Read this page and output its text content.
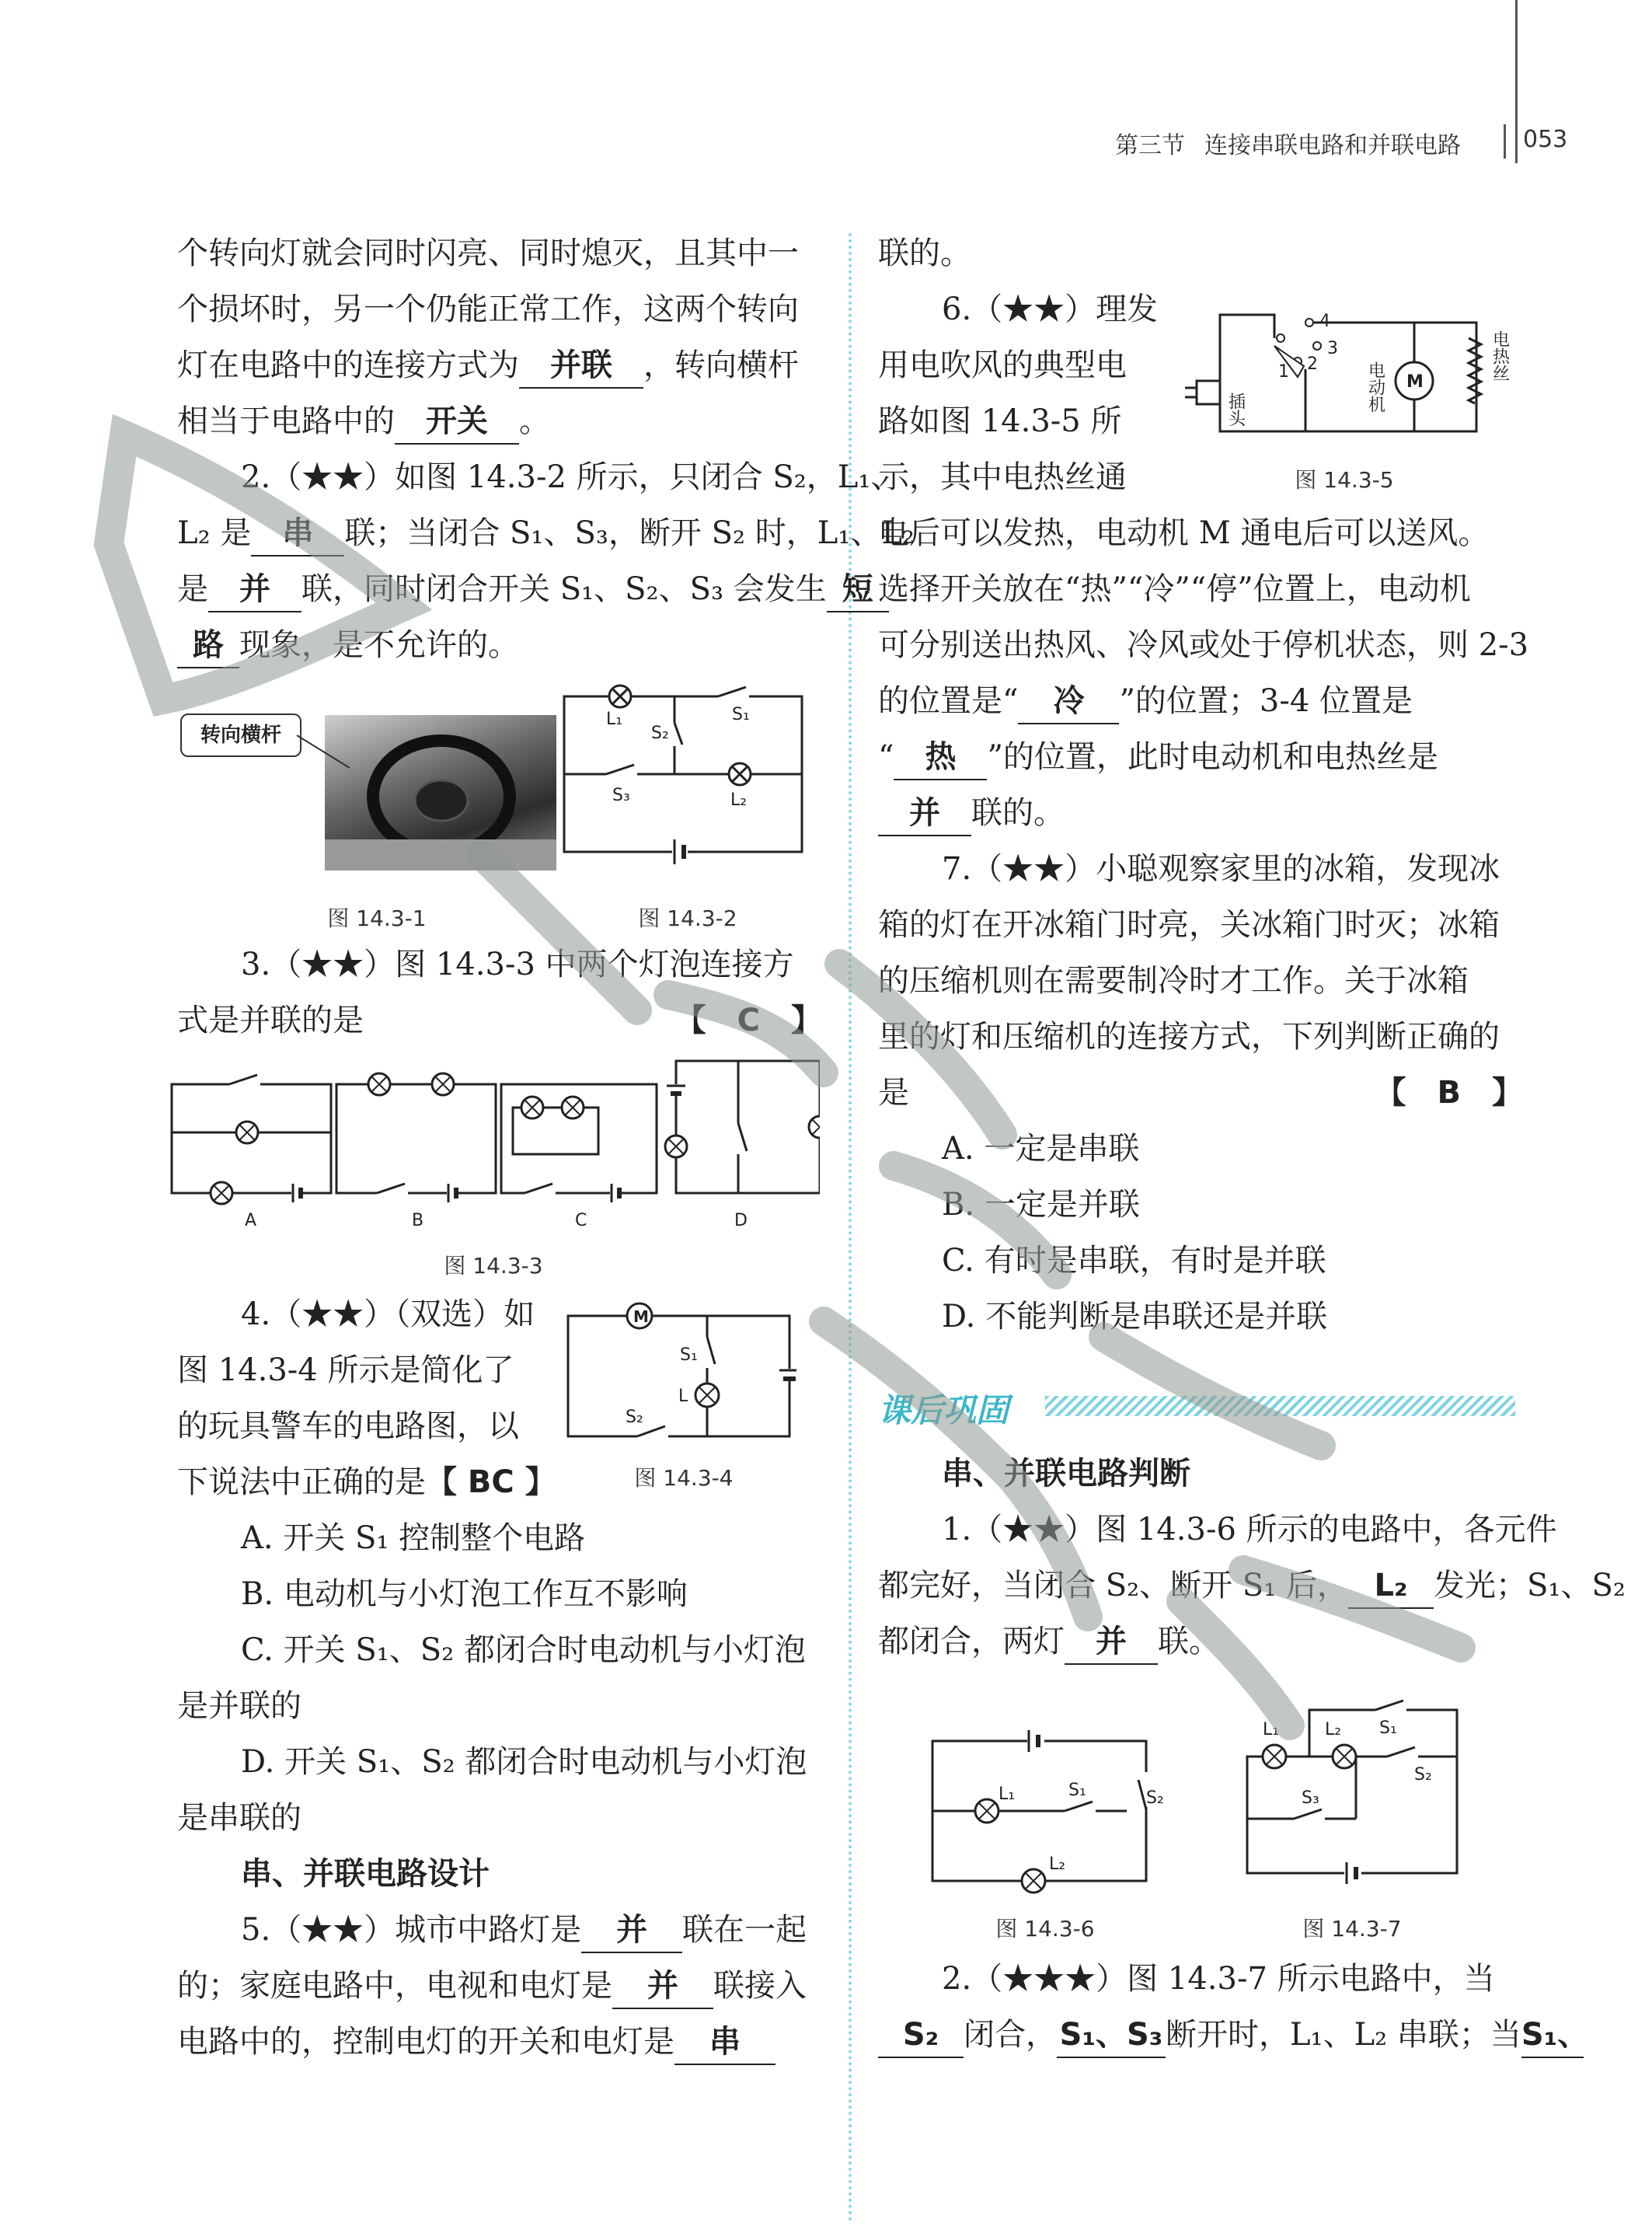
第三节 连接串联电路和并联电路	053
个转向灯就会同时闪亮、同时熄灭，且其中一
个损坏时，另一个仍能正常工作，这两个转向
灯在电路中的连接方式为 并联 ，转向横杆
相当于电路中的 开关 。
2.（★★）如图 14.3-2 所示，只闭合 S₂，L₁、
L₂ 是 串 联；当闭合 S₁、S₃，断开 S₂ 时，L₁、L₂
是 并 联，同时闭合开关 S₁、S₂、S₃ 会发生 短
路 现象，是不允许的。
转向横杆
图 14.3-1
L₁
S₂
S₁
S₃	L₂
图 14.3-2
3.（★★）图 14.3-3 中两个灯泡连接方
式是并联的是	【　C　】
A	B	C	D
图 14.3-3
4.（★★）（双选）如
图 14.3-4 所示是简化了
的玩具警车的电路图，以
下说法中正确的是【 BC 】
A. 开关 S₁ 控制整个电路
B. 电动机与小灯泡工作互不影响
C. 开关 S₁、S₂ 都闭合时电动机与小灯泡
是并联的
D. 开关 S₁、S₂ 都闭合时电动机与小灯泡
是串联的
串、并联电路设计
5.（★★）城市中路灯是 并 联在一起
的；家庭电路中，电视和电灯是 并 联接入
电路中的，控制电灯的开关和电灯是 串
M
S₁
L
S₂
图 14.3-4
联的。
6.（★★）理发
用电吹风的典型电
路如图 14.3-5 所
示，其中电热丝通
电后可以发热，电动机 M 通电后可以送风。
选择开关放在“热”“冷”“停”位置上，电动机
可分别送出热风、冷风或处于停机状态，则 2-3
的位置是“ 冷 ”的位置；3-4 位置是
“ 热 ”的位置，此时电动机和电热丝是
并 联的。
7.（★★）小聪观察家里的冰箱，发现冰
箱的灯在开冰箱门时亮，关冰箱门时灭；冰箱
的压缩机则在需要制冷时才工作。关于冰箱
里的灯和压缩机的连接方式，下列判断正确的
是	【　B　】
A. 一定是串联
B. 一定是并联
C. 有时是串联，有时是并联
D. 不能判断是串联还是并联
M
4
3
2
1
插头	电动机
电热丝
图 14.3-5
课后巩固
串、并联电路判断
1.（★★）图 14.3-6 所示的电路中，各元件
都完好，当闭合 S₂、断开 S₁ 后， L₂ 发光；S₁、S₂
都闭合，两灯 并 联。
L₁	S₁	S₂
L₂
图 14.3-6
L₁	L₂ S₁
S₂
S₃
图 14.3-7
2.（★★★）图 14.3-7 所示电路中，当
S₂ 闭合，S₁、S₃断开时，L₁、L₂ 串联；当S₁、
